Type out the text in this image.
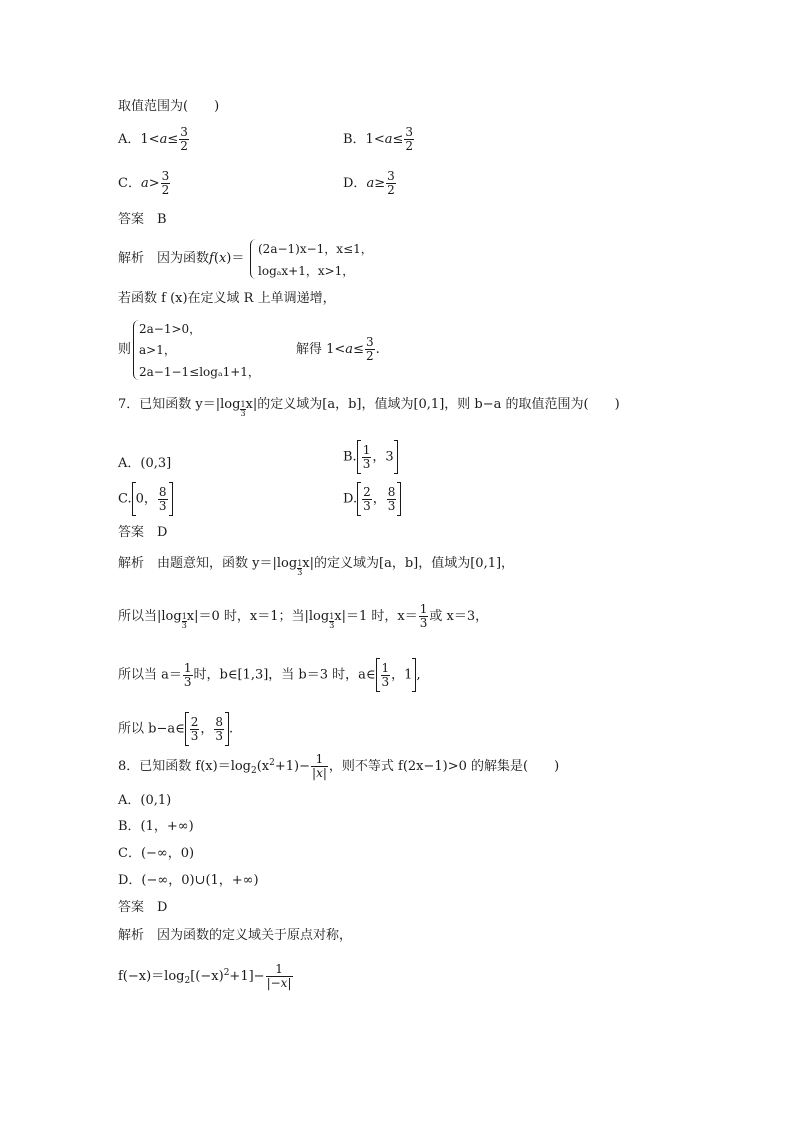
取值范围为(　　)
A．$1<a\le \frac{3}{2}$	B．$1<a\le \frac{3}{2}$
C．$a> \frac{3}{2}$	D．$a\ge \frac{3}{2}$
答案　 B
解析　 因为函数f(x)＝
(2a−1)x−1，x≤1，
logₐx+1，x>1，
若函数 f (x)在定义域 R 上单调递增，
则
2a−1>0，
a>1，
2a−1−1≤logₐ1+1，
解得 $1<a\le \frac{3}{2}$ .
7．已知函数 $y=|\log \frac{1}{3}x|$的定义域为[a，b]，值域为[0,1]，则 b−a 的取值范围为(　　)
A．(0,3]	B. $\frac{1}{3}$ ，3
C. 0， $\frac{8}{3}$	D. $\frac{2}{3}$ ， $\frac{8}{3}$
答案　 D
解析　 由题意知，函数 $y=|\log \frac{1}{3}x|$的定义域为[a，b]，值域为[0,1]，
所以当$|\log \frac{1}{3}x|=0$ 时，x＝1；当$|\log \frac{1}{3}x|=1$ 时，$x= \frac{1}{3}$ 或 x＝3，
所以当 $a= \frac{1}{3}$ 时，b∈[1,3]，当 b＝3 时，a∈ $\frac{1}{3}$ ，1 ,
所以 b−a∈ $\frac{2}{3}$ ， $\frac{8}{3}$ .
8．已知函数 $f(x)=\log_2(x^2+1)- \frac{1}{|x|}$ ，则不等式 f(2x−1)>0 的解集是(　　)
A．(0,1)
B．(1，+∞)
C．(−∞，0)
D．(−∞，0)∪(1，+∞)
答案　 D
解析　 因为函数的定义域关于原点对称，
$f(-x)=\log_2[(-x)^2+1]- \frac{1}{|-x|}$
